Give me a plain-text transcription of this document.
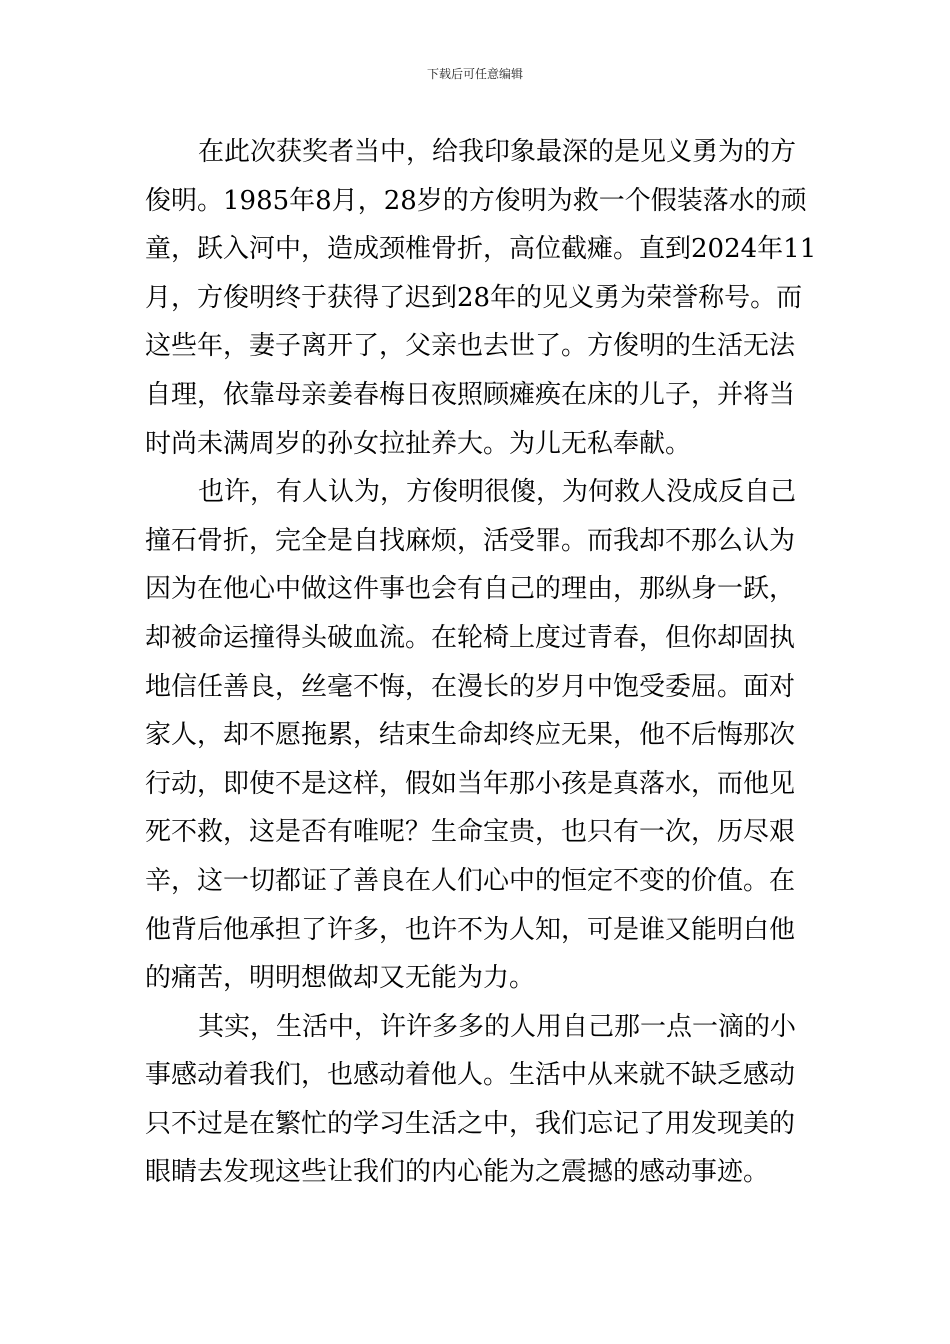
下载后可任意编辑

在此次获奖者当中，给我印象最深的是见义勇为的方
俊明。1985年8月，28岁的方俊明为救一个假装落水的顽
童，跃入河中，造成颈椎骨折，高位截瘫。直到2024年11
月，方俊明终于获得了迟到28年的见义勇为荣誉称号。而
这些年，妻子离开了，父亲也去世了。方俊明的生活无法
自理，依靠母亲姜春梅日夜照顾瘫痪在床的儿子，并将当
时尚未满周岁的孙女拉扯养大。为儿无私奉献。

也许，有人认为，方俊明很傻，为何救人没成反自己
撞石骨折，完全是自找麻烦，活受罪。而我却不那么认为
因为在他心中做这件事也会有自己的理由，那纵身一跃，
却被命运撞得头破血流。在轮椅上度过青春，但你却固执
地信任善良，丝毫不悔，在漫长的岁月中饱受委屈。面对
家人，却不愿拖累，结束生命却终应无果，他不后悔那次
行动，即使不是这样，假如当年那小孩是真落水，而他见
死不救，这是否有唯呢？生命宝贵，也只有一次，历尽艰
辛，这一切都证了善良在人们心中的恒定不变的价值。在
他背后他承担了许多，也许不为人知，可是谁又能明白他
的痛苦，明明想做却又无能为力。

其实，生活中，许许多多的人用自己那一点一滴的小
事感动着我们，也感动着他人。生活中从来就不缺乏感动
只不过是在繁忙的学习生活之中，我们忘记了用发现美的
眼睛去发现这些让我们的内心能为之震撼的感动事迹。
